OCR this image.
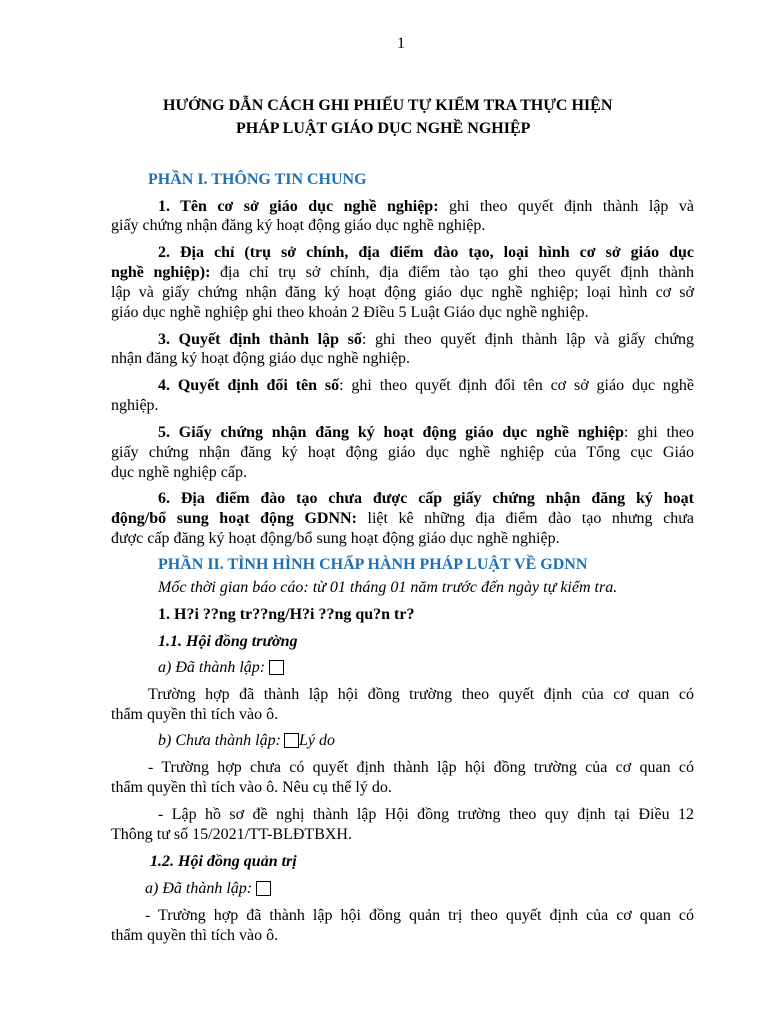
1
HƯỚNG DẪN CÁCH GHI PHIẾU TỰ KIỂM TRA THỰC HIỆN
PHÁP LUẬT GIÁO DỤC NGHỀ NGHIỆP
PHẦN I. THÔNG TIN CHUNG
1. Tên cơ sở giáo dục nghề nghiệp: ghi theo quyết định thành lập và
giấy chứng nhận đăng ký hoạt động giáo dục nghề nghiệp.
2. Địa chỉ (trụ sở chính, địa điểm đào tạo, loại hình cơ sở giáo dục
nghề nghiệp): địa chỉ trụ sở chính, địa điểm tào tạo ghi theo quyết định thành
lập và giấy chứng nhận đăng ký hoạt động giáo dục nghề nghiệp; loại hình cơ sở
giáo dục nghề nghiệp ghi theo khoản 2 Điều 5 Luật Giáo dục nghề nghiệp.
3. Quyết định thành lập số: ghi theo quyết định thành lập và giấy chứng
nhận đăng ký hoạt động giáo dục nghề nghiệp.
4. Quyết định đổi tên số: ghi theo quyết định đổi tên cơ sở giáo dục nghề
nghiệp.
5. Giấy chứng nhận đăng ký hoạt động giáo dục nghề nghiệp: ghi theo
giấy chứng nhận đăng ký hoạt động giáo dục nghề nghiệp của Tổng cục Giáo
dục nghề nghiệp cấp.
6. Địa điểm đào tạo chưa được cấp giấy chứng nhận đăng ký hoạt
động/bổ sung hoạt động GDNN: liệt kê những địa điểm đào tạo nhưng chưa
được cấp đăng ký hoạt động/bổ sung hoạt động giáo dục nghề nghiệp.
PHẦN II. TÌNH HÌNH CHẤP HÀNH PHÁP LUẬT VỀ GDNN
Mốc thời gian báo cáo: từ 01 tháng 01 năm trước đến ngày tự kiểm tra.
1. H?i ??ng tr??ng/H?i ??ng qu?n tr?
1.1. Hội đồng trường
a) Đã thành lập:
Trường hợp đã thành lập hội đồng trường theo quyết định của cơ quan có
thẩm quyền thì tích vào ô.
b) Chưa thành lập: Lý do
- Trường hợp chưa có quyết định thành lập hội đồng trường của cơ quan có
thẩm quyền thì tích vào ô. Nêu cụ thể lý do.
- Lập hồ sơ đề nghị thành lập Hội đồng trường theo quy định tại Điều 12
Thông tư số 15/2021/TT-BLĐTBXH.
1.2. Hội đồng quản trị
a) Đã thành lập:
- Trường hợp đã thành lập hội đồng quản trị theo quyết định của cơ quan có
thẩm quyền thì tích vào ô.
